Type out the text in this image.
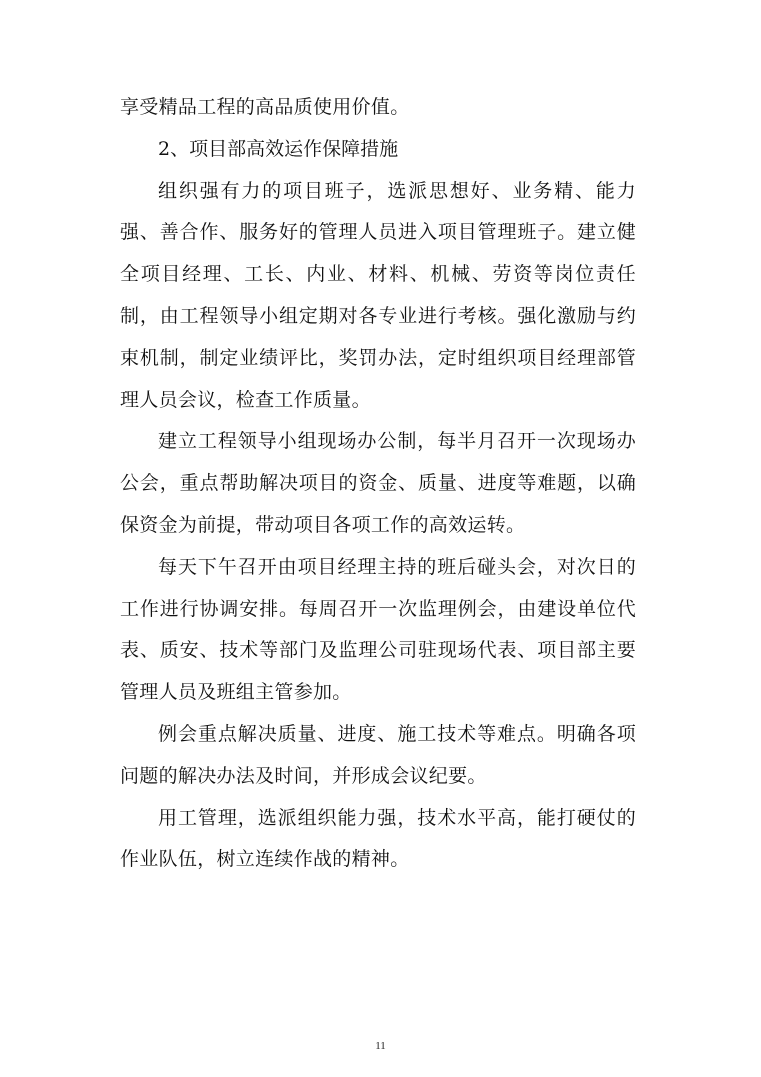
享受精品工程的高品质使用价值。

2、项目部高效运作保障措施

组织强有力的项目班子，选派思想好、业务精、能力强、善合作、服务好的管理人员进入项目管理班子。建立健全项目经理、工长、内业、材料、机械、劳资等岗位责任制，由工程领导小组定期对各专业进行考核。强化激励与约束机制，制定业绩评比，奖罚办法，定时组织项目经理部管理人员会议，检查工作质量。

建立工程领导小组现场办公制，每半月召开一次现场办公会，重点帮助解决项目的资金、质量、进度等难题，以确保资金为前提，带动项目各项工作的高效运转。

每天下午召开由项目经理主持的班后碰头会，对次日的工作进行协调安排。每周召开一次监理例会，由建设单位代表、质安、技术等部门及监理公司驻现场代表、项目部主要管理人员及班组主管参加。

例会重点解决质量、进度、施工技术等难点。明确各项问题的解决办法及时间，并形成会议纪要。

用工管理，选派组织能力强，技术水平高，能打硬仗的作业队伍，树立连续作战的精神。

11
